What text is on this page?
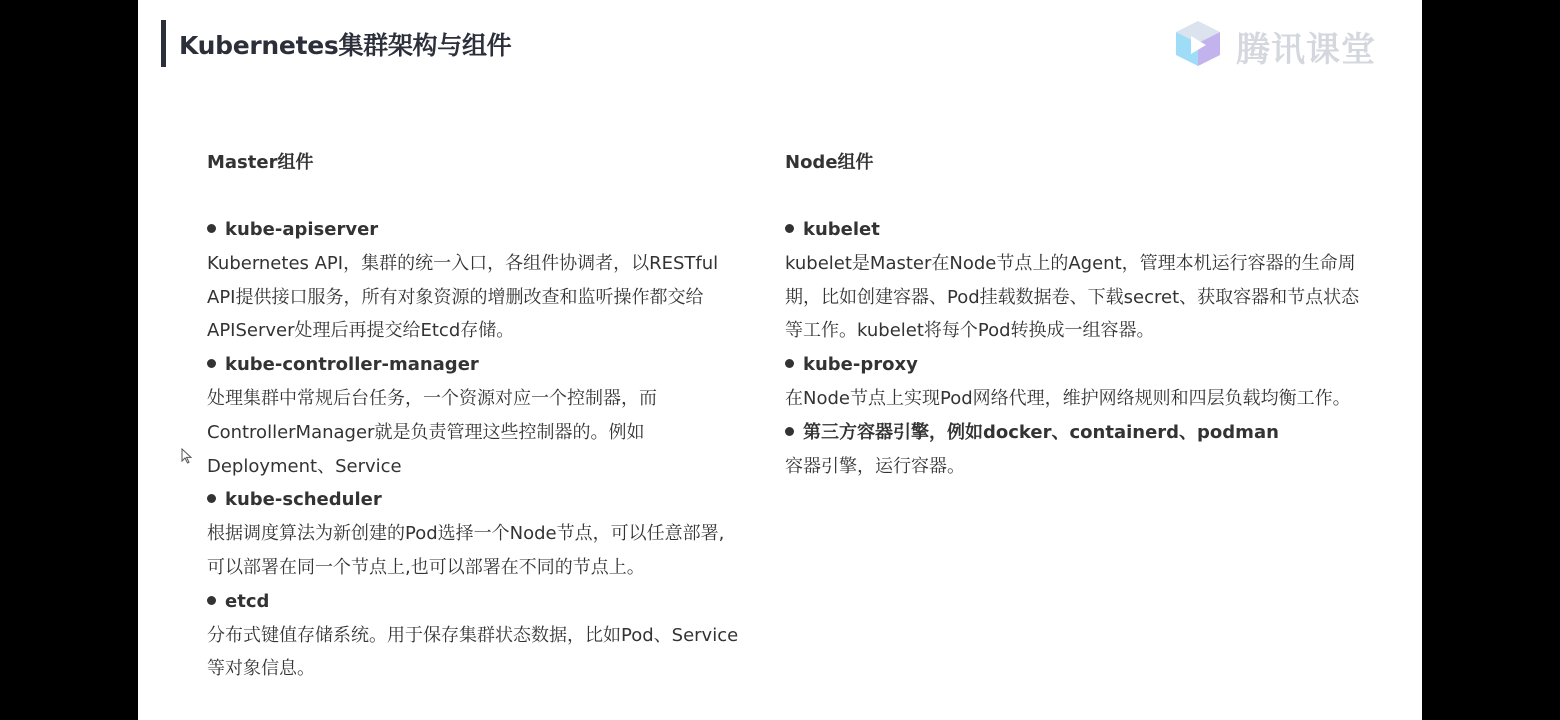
Kubernetes集群架构与组件	腾讯课堂
Master组件
kube-apiserver
Kubernetes API，集群的统一入口，各组件协调者，以RESTful
API提供接口服务，所有对象资源的增删改查和监听操作都交给
APIServer处理后再提交给Etcd存储。
kube-controller-manager
处理集群中常规后台任务，一个资源对应一个控制器，而
ControllerManager就是负责管理这些控制器的。例如
Deployment、Service
kube-scheduler
根据调度算法为新创建的Pod选择一个Node节点，可以任意部署,
可以部署在同一个节点上,也可以部署在不同的节点上。
etcd
分布式键值存储系统。用于保存集群状态数据，比如Pod、Service
等对象信息。
Node组件
kubelet
kubelet是Master在Node节点上的Agent，管理本机运行容器的生命周
期，比如创建容器、Pod挂载数据卷、下载secret、获取容器和节点状态
等工作。kubelet将每个Pod转换成一组容器。
kube-proxy
在Node节点上实现Pod网络代理，维护网络规则和四层负载均衡工作。
第三方容器引擎，例如docker、containerd、podman
容器引擎，运行容器。
